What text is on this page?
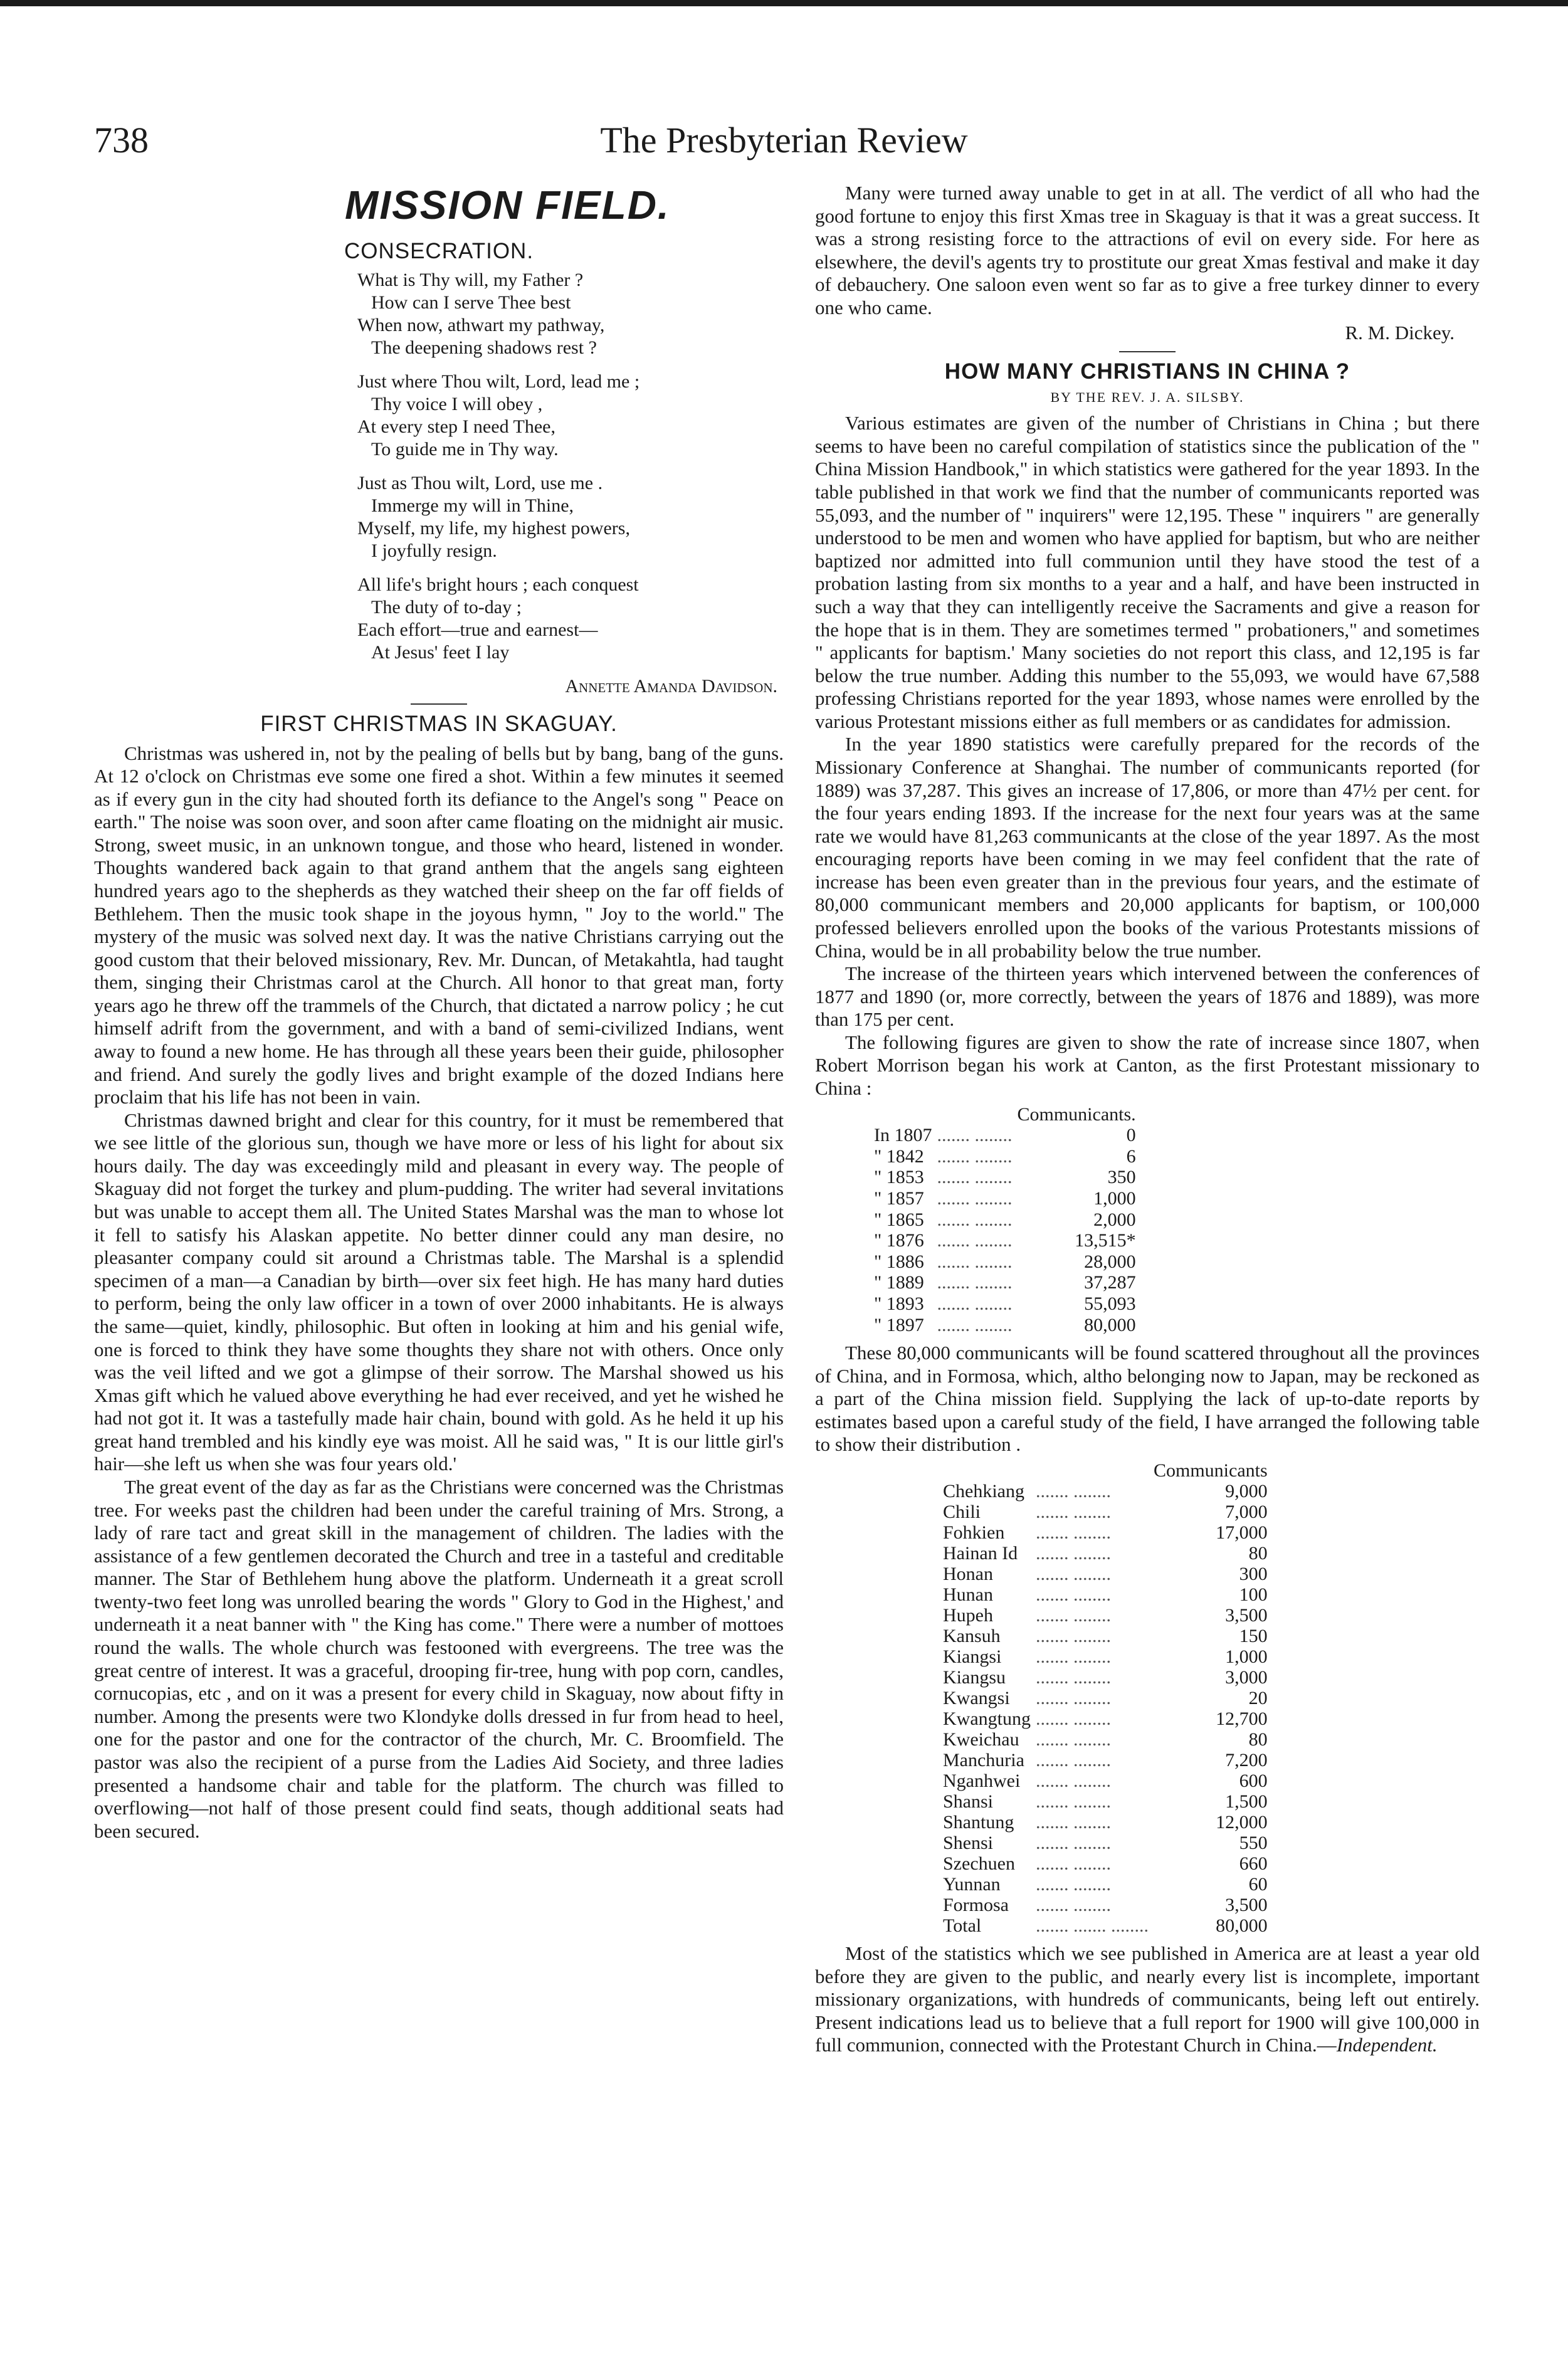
738	The Presbyterian Review
MISSION FIELD.
CONSECRATION.
What is Thy will, my Father ?
How can I serve Thee best
When now, athwart my pathway,
The deepening shadows rest ?
Just where Thou wilt, Lord, lead me ;
Thy voice I will obey ,
At every step I need Thee,
To guide me in Thy way.
Just as Thou wilt, Lord, use me .
Immerge my will in Thine,
Myself, my life, my highest powers,
I joyfully resign.
All life's bright hours ; each conquest
The duty of to-day ;
Each effort—true and earnest—
At Jesus' feet I lay
Annette Amanda Davidson.
FIRST CHRISTMAS IN SKAGUAY.

Christmas was ushered in, not by the pealing of bells but by bang, bang of the guns. At 12 o'clock on Christmas eve some one fired a shot. Within a few minutes it seemed as if every gun in the city had shouted forth its defiance to the Angel's song " Peace on earth." The noise was soon over, and soon after came floating on the midnight air music. Strong, sweet music, in an unknown tongue, and those who heard, listened in wonder. Thoughts wandered back again to that grand anthem that the angels sang eighteen hundred years ago to the shepherds as they watched their sheep on the far off fields of Bethlehem. Then the music took shape in the joyous hymn, " Joy to the world." The mystery of the music was solved next day. It was the native Christians carrying out the good custom that their beloved missionary, Rev. Mr. Duncan, of Metakahtla, had taught them, singing their Christmas carol at the Church. All honor to that great man, forty years ago he threw off the trammels of the Church, that dictated a narrow policy ; he cut himself adrift from the government, and with a band of semi-civilized Indians, went away to found a new home. He has through all these years been their guide, philosopher and friend. And surely the godly lives and bright example of the dozed Indians here proclaim that his life has not been in vain.

Christmas dawned bright and clear for this country, for it must be remembered that we see little of the glorious sun, though we have more or less of his light for about six hours daily. The day was exceedingly mild and pleasant in every way. The people of Skaguay did not forget the turkey and plum-pudding. The writer had several invitations but was unable to accept them all. The United States Marshal was the man to whose lot it fell to satisfy his Alaskan appetite. No better dinner could any man desire, no pleasanter company could sit around a Christmas table. The Marshal is a splendid specimen of a man—a Canadian by birth—over six feet high. He has many hard duties to perform, being the only law officer in a town of over 2000 inhabitants. He is always the same—quiet, kindly, philosophic. But often in looking at him and his genial wife, one is forced to think they have some thoughts they share not with others. Once only was the veil lifted and we got a glimpse of their sorrow. The Marshal showed us his Xmas gift which he valued above everything he had ever received, and yet he wished he had not got it. It was a tastefully made hair chain, bound with gold. As he held it up his great hand trembled and his kindly eye was moist. All he said was, " It is our little girl's hair—she left us when she was four years old.'

The great event of the day as far as the Christians were concerned was the Christmas tree. For weeks past the children had been under the careful training of Mrs. Strong, a lady of rare tact and great skill in the management of children. The ladies with the assistance of a few gentlemen decorated the Church and tree in a tasteful and creditable manner. The Star of Bethlehem hung above the platform. Underneath it a great scroll twenty-two feet long was unrolled bearing the words " Glory to God in the Highest,' and underneath it a neat banner with " the King has come." There were a number of mottoes round the walls. The whole church was festooned with evergreens. The tree was the great centre of interest. It was a graceful, drooping fir-tree, hung with pop corn, candles, cornucopias, etc , and on it was a present for every child in Skaguay, now about fifty in number. Among the presents were two Klondyke dolls dressed in fur from head to heel, one for the pastor and one for the contractor of the church, Mr. C. Broomfield. The pastor was also the recipient of a purse from the Ladies Aid Society, and three ladies presented a handsome chair and table for the platform. The church was filled to overflowing—not half of those present could find seats, though additional seats had been secured.

Many were turned away unable to get in at all. The verdict of all who had the good fortune to enjoy this first Xmas tree in Skaguay is that it was a great success. It was a strong resisting force to the attractions of evil on every side. For here as elsewhere, the devil's agents try to prostitute our great Xmas festival and make it day of debauchery. One saloon even went so far as to give a free turkey dinner to every one who came.

R. M. Dickey.
HOW MANY CHRISTIANS IN CHINA ?
BY THE REV. J. A. SILSBY.

Various estimates are given of the number of Christians in China ; but there seems to have been no careful compilation of statistics since the publication of the " China Mission Handbook," in which statistics were gathered for the year 1893. In the table published in that work we find that the number of communicants reported was 55,093, and the number of " inquirers" were 12,195. These " inquirers " are generally understood to be men and women who have applied for baptism, but who are neither baptized nor admitted into full communion until they have stood the test of a probation lasting from six months to a year and a half, and have been instructed in such a way that they can intelligently receive the Sacraments and give a reason for the hope that is in them. They are sometimes termed " probationers," and sometimes " applicants for baptism.' Many societies do not report this class, and 12,195 is far below the true number. Adding this number to the 55,093, we would have 67,588 professing Christians reported for the year 1893, whose names were enrolled by the various Protestant missions either as full members or as candidates for admission.

In the year 1890 statistics were carefully prepared for the records of the Missionary Conference at Shanghai. The number of communicants reported (for 1889) was 37,287. This gives an increase of 17,806, or more than 47½ per cent. for the four years ending 1893. If the increase for the next four years was at the same rate we would have 81,263 communicants at the close of the year 1897. As the most encouraging reports have been coming in we may feel confident that the rate of increase has been even greater than in the previous four years, and the estimate of 80,000 communicant members and 20,000 applicants for baptism, or 100,000 professed believers enrolled upon the books of the various Protestants missions of China, would be in all probability below the true number.

The increase of the thirteen years which intervened between the conferences of 1877 and 1890 (or, more correctly, between the years of 1876 and 1889), was more than 175 per cent.

The following figures are given to show the rate of increase since 1807, when Robert Morrison began his work at Canton, as the first Protestant missionary to China :

		Communicants.
In 1807	....... ........	0
" 1842	....... ........	6
" 1853	....... ........	350
" 1857	....... ........	1,000
" 1865	....... ........	2,000
" 1876	....... ........	13,515*
" 1886	....... ........	28,000
" 1889	....... ........	37,287
" 1893	....... ........	55,093
" 1897	....... ........	80,000

These 80,000 communicants will be found scattered throughout all the provinces of China, and in Formosa, which, altho belonging now to Japan, may be reckoned as a part of the China mission field. Supplying the lack of up-to-date reports by estimates based upon a careful study of the field, I have arranged the following table to show their distribution .

		Communicants
Chehkiang	....... ........	9,000
Chili	....... ........	7,000
Fohkien	....... ........	17,000
Hainan Id	....... ........	80
Honan	....... ........	300
Hunan	....... ........	100
Hupeh	....... ........	3,500
Kansuh	....... ........	150
Kiangsi	....... ........	1,000
Kiangsu	....... ........	3,000
Kwangsi	....... ........	20
Kwangtung	....... ........	12,700
Kweichau	....... ........	80
Manchuria	....... ........	7,200
Nganhwei	....... ........	600
Shansi	....... ........	1,500
Shantung	....... ........	12,000
Shensi	....... ........	550
Szechuen	....... ........	660
Yunnan	....... ........	60
Formosa	....... ........	3,500
Total	....... ....... ........	80,000

Most of the statistics which we see published in America are at least a year old before they are given to the public, and nearly every list is incomplete, important missionary organizations, with hundreds of communicants, being left out entirely. Present indications lead us to believe that a full report for 1900 will give 100,000 in full communion, connected with the Protestant Church in China.—Independent.
